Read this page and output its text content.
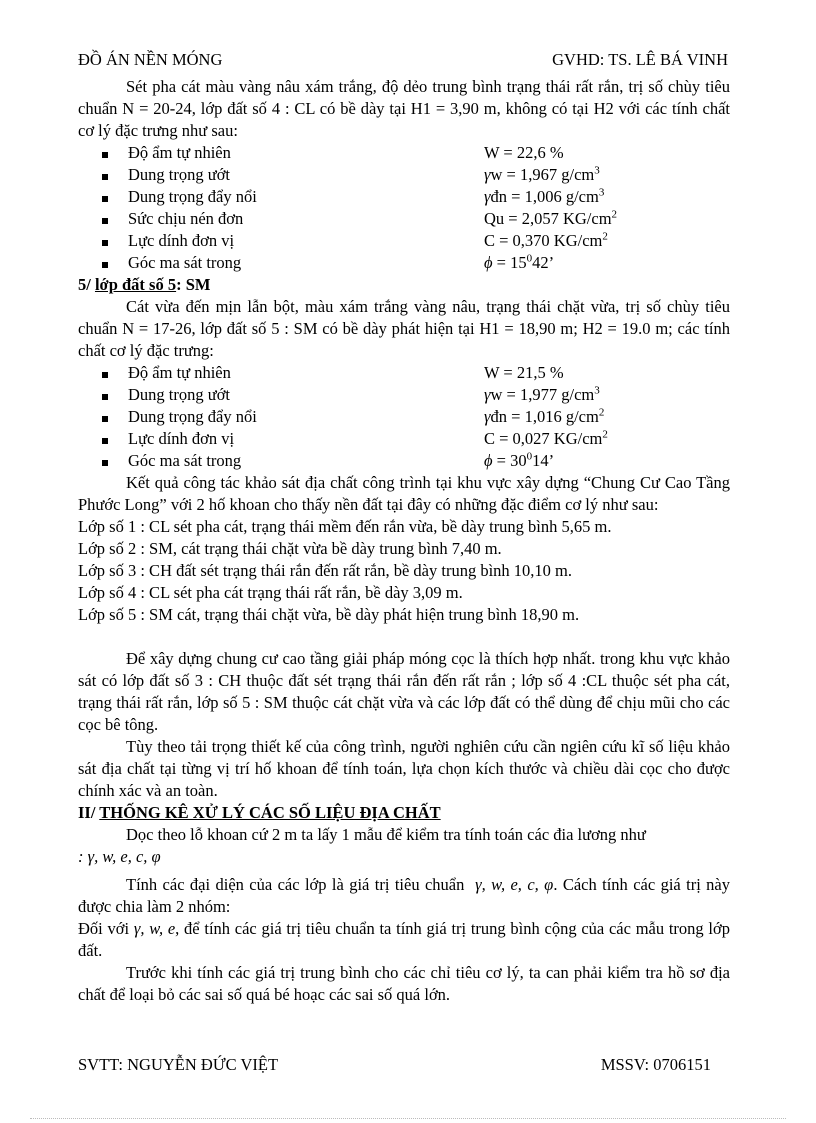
ĐỒ ÁN NỀN MÓNG	GVHD: TS. LÊ BÁ VINH

Sét pha cát màu vàng nâu xám trắng, độ dẻo trung bình trạng thái rất rắn, trị số chùy tiêu chuẩn N = 20-24, lớp đất số 4 : CL có bề dày tại H1 = 3,90 m, không có tại H2 với các tính chất cơ lý đặc trưng như sau:

Độ ẩm tự nhiên	W = 22,6 %
Dung trọng ướt	γw = 1,967 $g/cm^3$
Dung trọng đẩy nổi	γđn = 1,006 $g/cm^3$
Sức chịu nén đơn	Qu = 2,057 $KG/cm^2$
Lực dính đơn vị	C = 0,370 $KG/cm^2$
Góc ma sát trong	$\phi = 15^042$’

5/ lớp đất số 5: SM

Cát vừa đến mịn lẫn bột, màu xám trắng vàng nâu, trạng thái chặt vừa, trị số chùy tiêu chuẩn N = 17-26, lớp đất số 5 : SM có bề dày phát hiện tại H1 = 18,90 m; H2 = 19.0 m; các tính chất cơ lý đặc trưng:

Độ ẩm tự nhiên	W = 21,5 %
Dung trọng ướt	γw = 1,977 $g/cm^3$
Dung trọng đẩy nổi	γđn = 1,016 $g/cm^2$
Lực dính đơn vị	C = 0,027 $KG/cm^2$
Góc ma sát trong	$\phi = 30^014$’

Kết quả công tác khảo sát địa chất công trình tại khu vực xây dựng “Chung Cư Cao Tầng Phước Long” với 2 hố khoan cho thấy nền đất tại đây có những đặc điểm cơ lý như sau:

Lớp số 1 : CL sét pha cát, trạng thái mềm đến rắn vừa, bề dày trung bình 5,65 m.

Lớp số 2 : SM, cát trạng thái chặt vừa bề dày trung bình 7,40 m.

Lớp số 3 : CH đất sét trạng thái rắn đến rất rắn, bề dày trung bình 10,10 m.

Lớp số 4 : CL sét pha cát trạng thái rất rắn, bề dày 3,09 m.

Lớp số 5 : SM cát, trạng thái chặt vừa, bề dày phát hiện trung bình 18,90 m.

Để xây dựng chung cư cao tầng giải pháp móng cọc là thích hợp nhất. trong khu vực khảo sát có lớp đất số 3 : CH thuộc đất sét trạng thái rắn đến rất rắn ; lớp số 4 :CL thuộc sét pha cát, trạng thái rất rắn, lớp số 5 : SM thuộc cát chặt vừa và các lớp đất có thể dùng để chịu mũi cho các cọc bê tông.

Tùy theo tải trọng thiết kế của công trình, người nghiên cứu cần ngiên cứu kĩ số liệu khảo sát địa chất tại từng vị trí hố khoan để tính toán, lựa chọn kích thước và chiều dài cọc cho được chính xác và an toàn.

II/ THỐNG KÊ XỬ LÝ CÁC SỐ LIỆU ĐỊA CHẤT

Dọc theo lỗ khoan cứ 2 m ta lấy 1 mẫu để kiểm tra tính toán các đia lương như
: γ, w, e, c, φ

Tính các đại diện của các lớp là giá trị tiêu chuẩn γ, w, e, c, φ. Cách tính các giá trị này được chia làm 2 nhóm:

Đối với γ, w, e, để tính các giá trị tiêu chuẩn ta tính giá trị trung bình cộng của các mẫu trong lớp đất.

Trước khi tính các giá trị trung bình cho các chỉ tiêu cơ lý, ta can phải kiểm tra hồ sơ địa chất để loại bỏ các sai số quá bé hoạc các sai số quá lớn.

SVTT: NGUYỄN ĐỨC VIỆT	MSSV: 0706151
